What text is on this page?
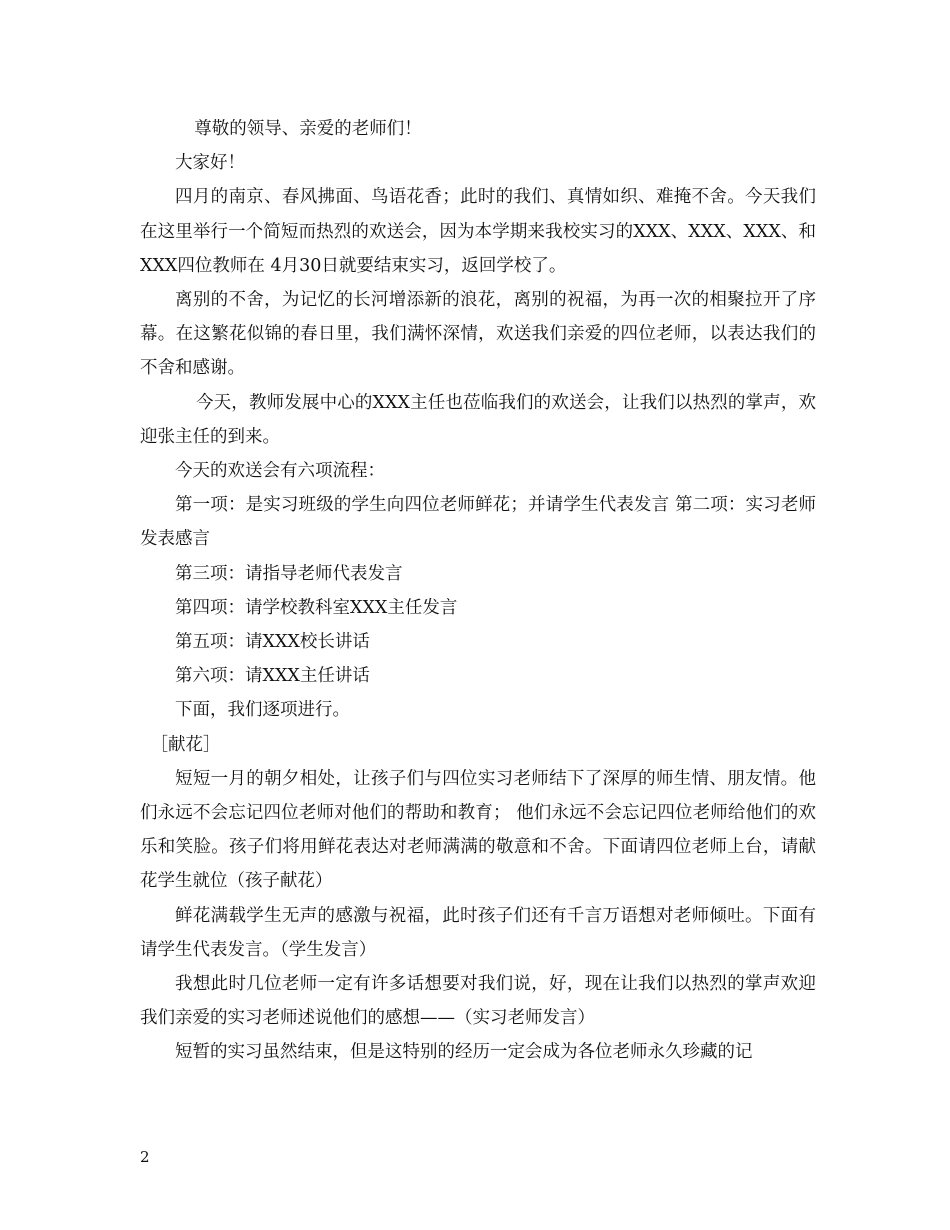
尊敬的领导、亲爱的老师们！

大家好！

四月的南京、春风拂面、鸟语花香；此时的我们、真情如织、难掩不舍。今天我们在这里举行一个简短而热烈的欢送会，因为本学期来我校实习的XXX、XXX、XXX、和XXX四位教师在 4月30日就要结束实习，返回学校了。

离别的不舍，为记忆的长河增添新的浪花，离别的祝福，为再一次的相聚拉开了序幕。在这繁花似锦的春日里，我们满怀深情，欢送我们亲爱的四位老师，以表达我们的不舍和感谢。

今天，教师发展中心的XXX主任也莅临我们的欢送会，让我们以热烈的掌声，欢迎张主任的到来。

今天的欢送会有六项流程：

第一项：是实习班级的学生向四位老师鲜花；并请学生代表发言 第二项：实习老师发表感言

第三项：请指导老师代表发言

第四项：请学校教科室XXX主任发言

第五项：请XXX校长讲话

第六项：请XXX主任讲话

下面，我们逐项进行。

［献花］

短短一月的朝夕相处，让孩子们与四位实习老师结下了深厚的师生情、朋友情。他们永远不会忘记四位老师对他们的帮助和教育； 他们永远不会忘记四位老师给他们的欢乐和笑脸。孩子们将用鲜花表达对老师满满的敬意和不舍。下面请四位老师上台，请献花学生就位（孩子献花）

鲜花满载学生无声的感激与祝福，此时孩子们还有千言万语想对老师倾吐。下面有请学生代表发言。（学生发言）

我想此时几位老师一定有许多话想要对我们说，好，现在让我们以热烈的掌声欢迎我们亲爱的实习老师述说他们的感想——（实习老师发言）

短暂的实习虽然结束，但是这特别的经历一定会成为各位老师永久珍藏的记

2
